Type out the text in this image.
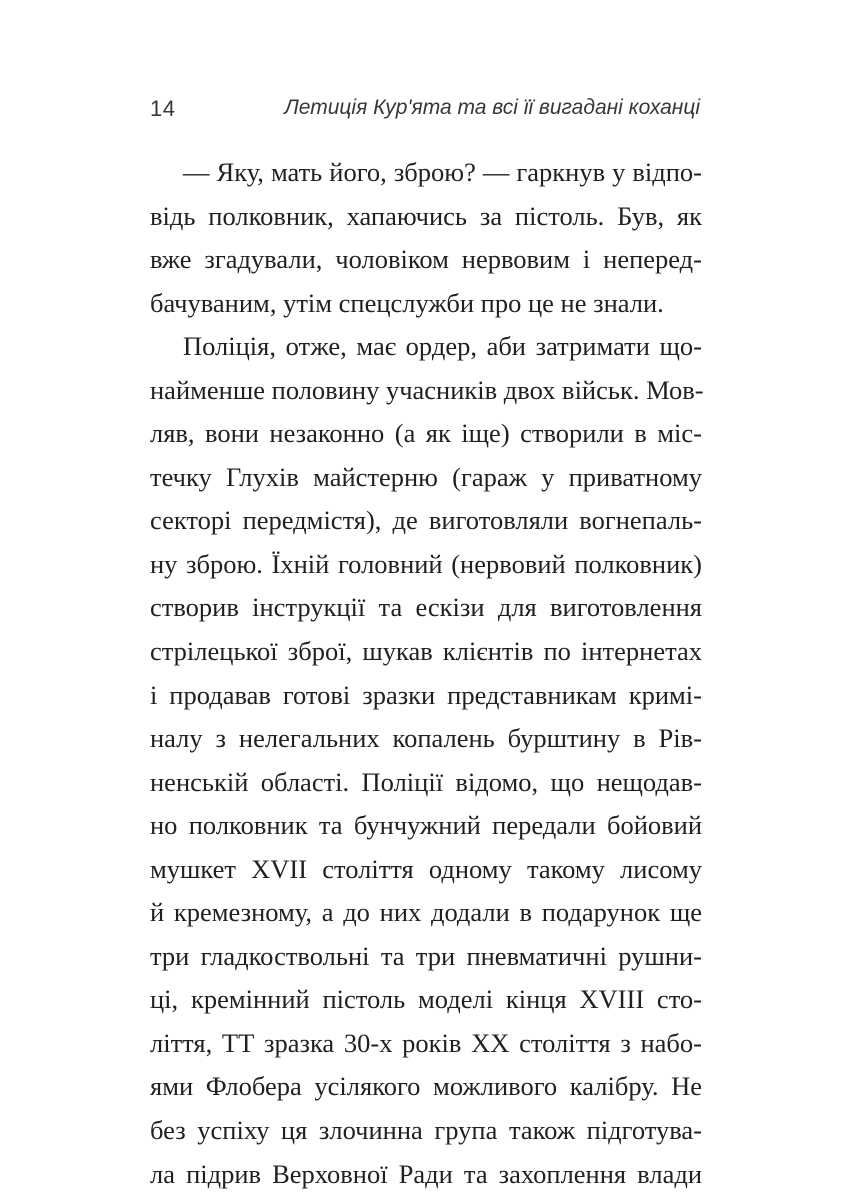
14	Летиція Кур'ята та всі її вигадані коханці
— Яку, мать його, зброю? — гаркнув у відпо-
відь полковник, хапаючись за пістоль. Був, як
вже згадували, чоловіком нервовим і неперед-
бачуваним, утім спецслужби про це не знали.
Поліція, отже, має ордер, аби затримати що-
найменше половину учасників двох військ. Мов-
ляв, вони незаконно (а як іще) створили в міс-
течку Глухів майстерню (гараж у приватному
секторі передмістя), де виготовляли вогнепаль-
ну зброю. Їхній головний (нервовий полковник)
створив інструкції та ескізи для виготовлення
стрілецької зброї, шукав клієнтів по інтернетах
і продавав готові зразки представникам кримі-
налу з нелегальних копалень бурштину в Рів-
ненській області. Поліції відомо, що нещодав-
но полковник та бунчужний передали бойовий
мушкет XVII століття одному такому лисому
й кремезному, а до них додали в подарунок ще
три гладкоствольні та три пневматичні рушни-
ці, кремінний пістоль моделі кінця XVIII сто-
ліття, ТТ зразка 30-х років XX століття з набо-
ями Флобера усілякого можливого калібру. Не
без успіху ця злочинна група також підготува-
ла підрив Верховної Ради та захоплення влади
